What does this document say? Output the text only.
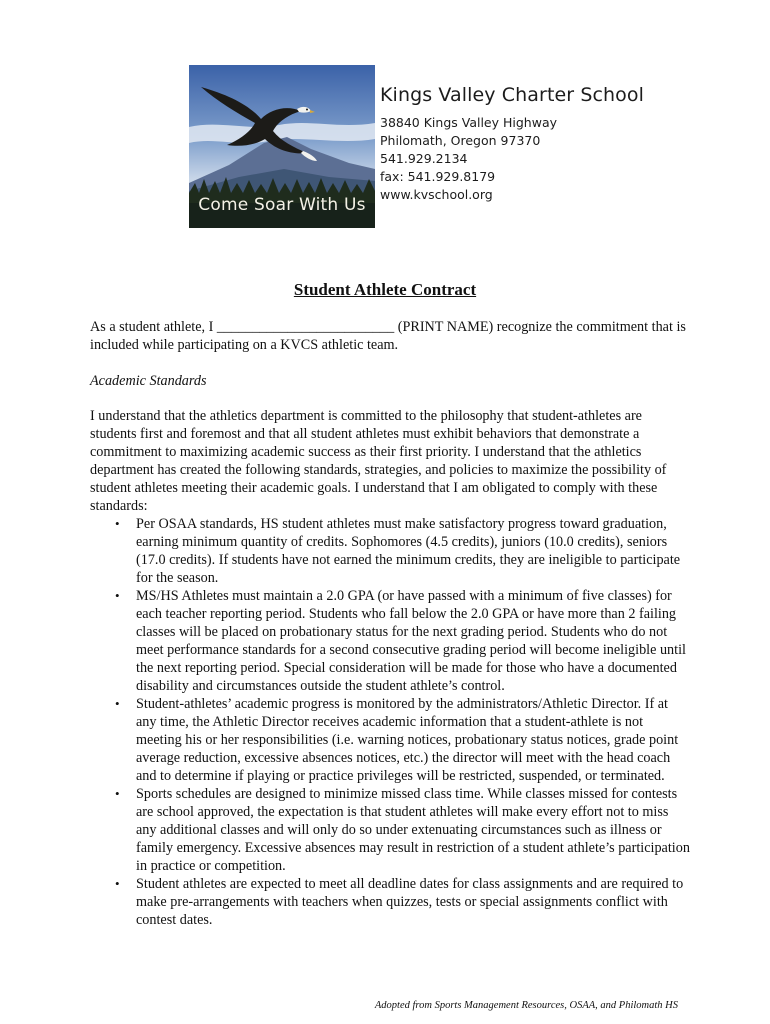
Come Soar With Us
Kings Valley Charter School
38840 Kings Valley Highway
Philomath, Oregon 97370
541.929.2134
fax: 541.929.8179
www.kvschool.org
Student Athlete Contract
As a student athlete, I _________________________ (PRINT NAME) recognize the commitment that is included while participating on a KVCS athletic team.
Academic Standards
I understand that the athletics department is committed to the philosophy that student-athletes are students first and foremost and that all student athletes must exhibit behaviors that demonstrate a commitment to maximizing academic success as their first priority. I understand that the athletics department has created the following standards, strategies, and policies to maximize the possibility of student athletes meeting their academic goals. I understand that I am obligated to comply with these standards:
• Per OSAA standards, HS student athletes must make satisfactory progress toward graduation, earning minimum quantity of credits. Sophomores (4.5 credits), juniors (10.0 credits), seniors (17.0 credits). If students have not earned the minimum credits, they are ineligible to participate for the season.
• MS/HS Athletes must maintain a 2.0 GPA (or have passed with a minimum of five classes) for each teacher reporting period. Students who fall below the 2.0 GPA or have more than 2 failing classes will be placed on probationary status for the next grading period. Students who do not meet performance standards for a second consecutive grading period will become ineligible until the next reporting period. Special consideration will be made for those who have a documented disability and circumstances outside the student athlete’s control.
• Student-athletes’ academic progress is monitored by the administrators/Athletic Director. If at any time, the Athletic Director receives academic information that a student-athlete is not meeting his or her responsibilities (i.e. warning notices, probationary status notices, grade point average reduction, excessive absences notices, etc.) the director will meet with the head coach and to determine if playing or practice privileges will be restricted, suspended, or terminated.
• Sports schedules are designed to minimize missed class time. While classes missed for contests are school approved, the expectation is that student athletes will make every effort not to miss any additional classes and will only do so under extenuating circumstances such as illness or family emergency. Excessive absences may result in restriction of a student athlete’s participation in practice or competition.
• Student athletes are expected to meet all deadline dates for class assignments and are required to make pre-arrangements with teachers when quizzes, tests or special assignments conflict with contest dates.
Adopted from Sports Management Resources, OSAA, and Philomath HS
